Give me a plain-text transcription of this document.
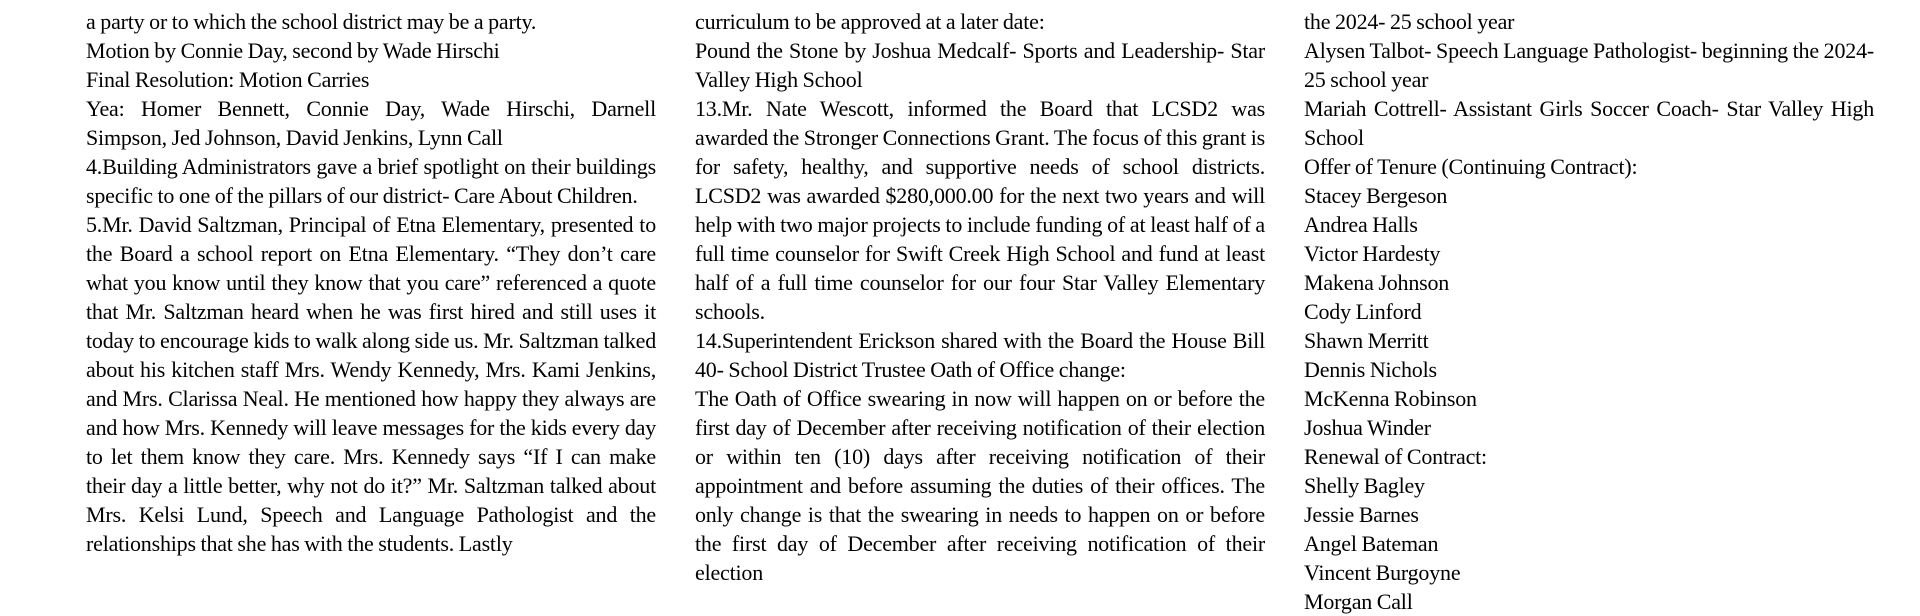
a party or to which the school district may be a party.

Motion by Connie Day, second by Wade Hirschi

Final Resolution: Motion Carries

Yea: Homer Bennett, Connie Day, Wade Hirschi, Darnell Simpson, Jed Johnson, David Jenkins, Lynn Call

4.Building Administrators gave a brief spotlight on their buildings specific to one of the pillars of our district- Care About Children.

5.Mr. David Saltzman, Principal of Etna Elementary, presented to the Board a school report on Etna Elementary. “They don’t care what you know until they know that you care” referenced a quote that Mr. Saltzman heard when he was first hired and still uses it today to encourage kids to walk along side us. Mr. Saltzman talked about his kitchen staff Mrs. Wendy Kennedy, Mrs. Kami Jenkins, and Mrs. Clarissa Neal. He mentioned how happy they always are and how Mrs. Kennedy will leave messages for the kids every day to let them know they care. Mrs. Kennedy says “If I can make their day a little better, why not do it?” Mr. Saltzman talked about Mrs. Kelsi Lund, Speech and Language Pathologist and the relationships that she has with the students. Lastly

curriculum to be approved at a later date:

Pound the Stone by Joshua Medcalf- Sports and Leadership- Star Valley High School

13.Mr. Nate Wescott, informed the Board that LCSD2 was awarded the Stronger Connections Grant. The focus of this grant is for safety, healthy, and supportive needs of school districts. LCSD2 was awarded $280,000.00 for the next two years and will help with two major projects to include funding of at least half of a full time counselor for Swift Creek High School and fund at least half of a full time counselor for our four Star Valley Elementary schools.

14.Superintendent Erickson shared with the Board the House Bill 40- School District Trustee Oath of Office change:

The Oath of Office swearing in now will happen on or before the first day of December after receiving notification of their election or within ten (10) days after receiving notification of their appointment and before assuming the duties of their offices. The only change is that the swearing in needs to happen on or before the first day of December after receiving notification of their election

the 2024- 25 school year

Alysen Talbot- Speech Language Pathologist- beginning the 2024- 25 school year

Mariah Cottrell- Assistant Girls Soccer Coach- Star Valley High School

Offer of Tenure (Continuing Contract):

Stacey Bergeson

Andrea Halls

Victor Hardesty

Makena Johnson

Cody Linford

Shawn Merritt

Dennis Nichols

McKenna Robinson

Joshua Winder

Renewal of Contract:

Shelly Bagley

Jessie Barnes

Angel Bateman

Vincent Burgoyne

Morgan Call
